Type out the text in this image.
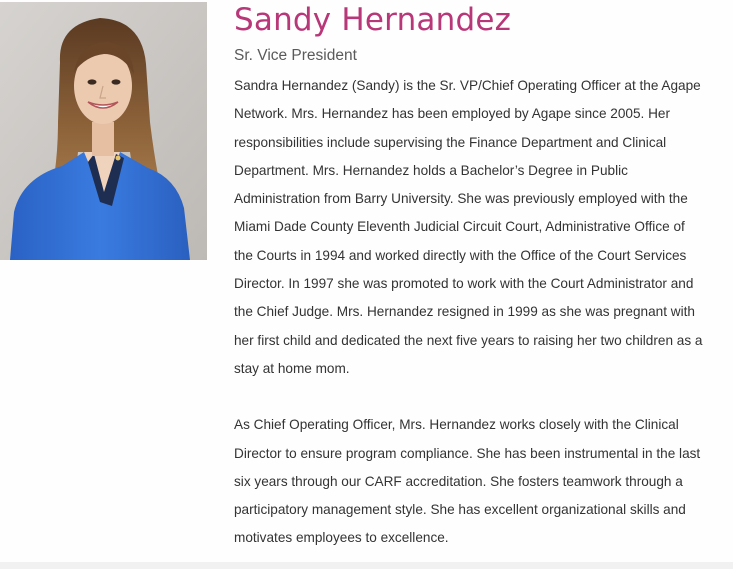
Sandy Hernandez
Sr. Vice President

Sandra Hernandez (Sandy) is the Sr. VP/Chief Operating Officer at the Agape
Network. Mrs. Hernandez has been employed by Agape since 2005. Her
responsibilities include supervising the Finance Department and Clinical
Department. Mrs. Hernandez holds a Bachelor’s Degree in Public
Administration from Barry University. She was previously employed with the
Miami Dade County Eleventh Judicial Circuit Court, Administrative Office of
the Courts in 1994 and worked directly with the Office of the Court Services
Director. In 1997 she was promoted to work with the Court Administrator and
the Chief Judge. Mrs. Hernandez resigned in 1999 as she was pregnant with
her first child and dedicated the next five years to raising her two children as a
stay at home mom.

As Chief Operating Officer, Mrs. Hernandez works closely with the Clinical
Director to ensure program compliance. She has been instrumental in the last
six years through our CARF accreditation. She fosters teamwork through a
participatory management style. She has excellent organizational skills and
motivates employees to excellence.
